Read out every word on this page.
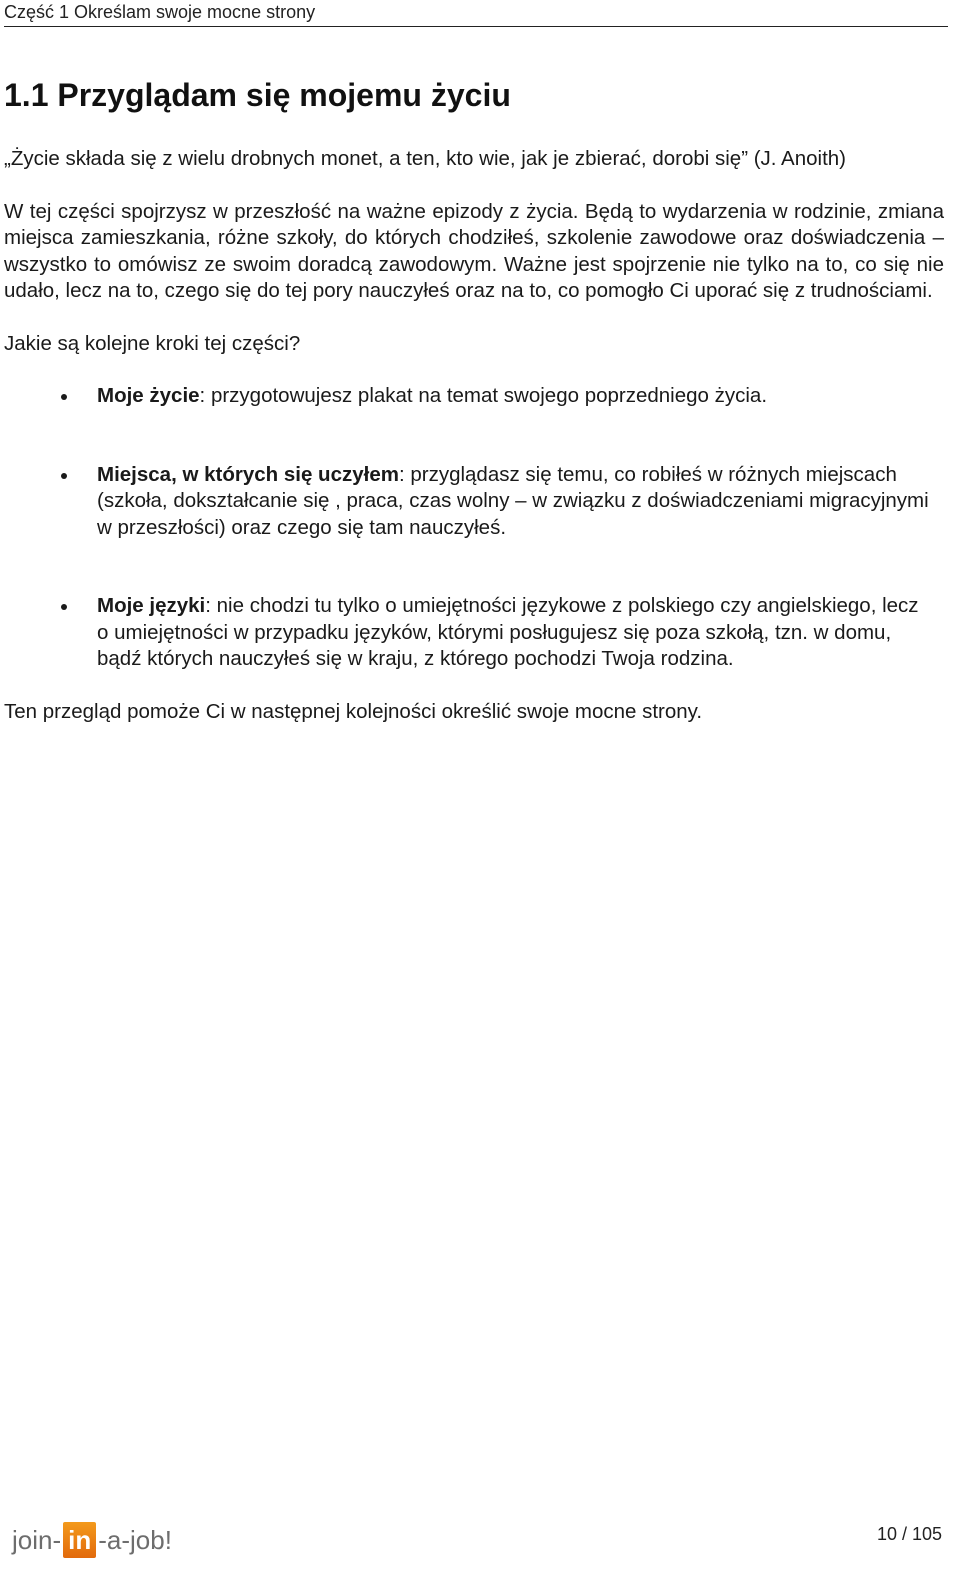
Część 1 Określam swoje mocne strony
1.1 Przyglądam się mojemu życiu

„Życie składa się z wielu drobnych monet, a ten, kto wie, jak je zbierać, dorobi się” (J. Anoith)

W tej części spojrzysz w przeszłość na ważne epizody z życia. Będą to wydarzenia w rodzinie, zmiana miejsca zamieszkania, różne szkoły, do których chodziłeś, szkolenie zawodowe oraz doświadczenia – wszystko to omówisz ze swoim doradcą zawodowym. Ważne jest spojrzenie nie tylko na to, co się nie udało, lecz na to, czego się do tej pory nauczyłeś oraz na to, co pomogło Ci uporać się z trudnościami.

Jakie są kolejne kroki tej części?

Moje życie: przygotowujesz plakat na temat swojego poprzedniego życia.
Miejsca, w których się uczyłem: przyglądasz się temu, co robiłeś w różnych miejscach (szkoła, dokształcanie się , praca, czas wolny – w związku z doświadczeniami migracyjnymi w przeszłości) oraz czego się tam nauczyłeś.
Moje języki: nie chodzi tu tylko o umiejętności językowe z polskiego czy angielskiego, lecz o umiejętności w przypadku języków, którymi posługujesz się poza szkołą, tzn. w domu, bądź których nauczyłeś się w kraju, z którego pochodzi Twoja rodzina.

Ten przegląd pomoże Ci w następnej kolejności określić swoje mocne strony.

join- in -a-job!	10 / 105
